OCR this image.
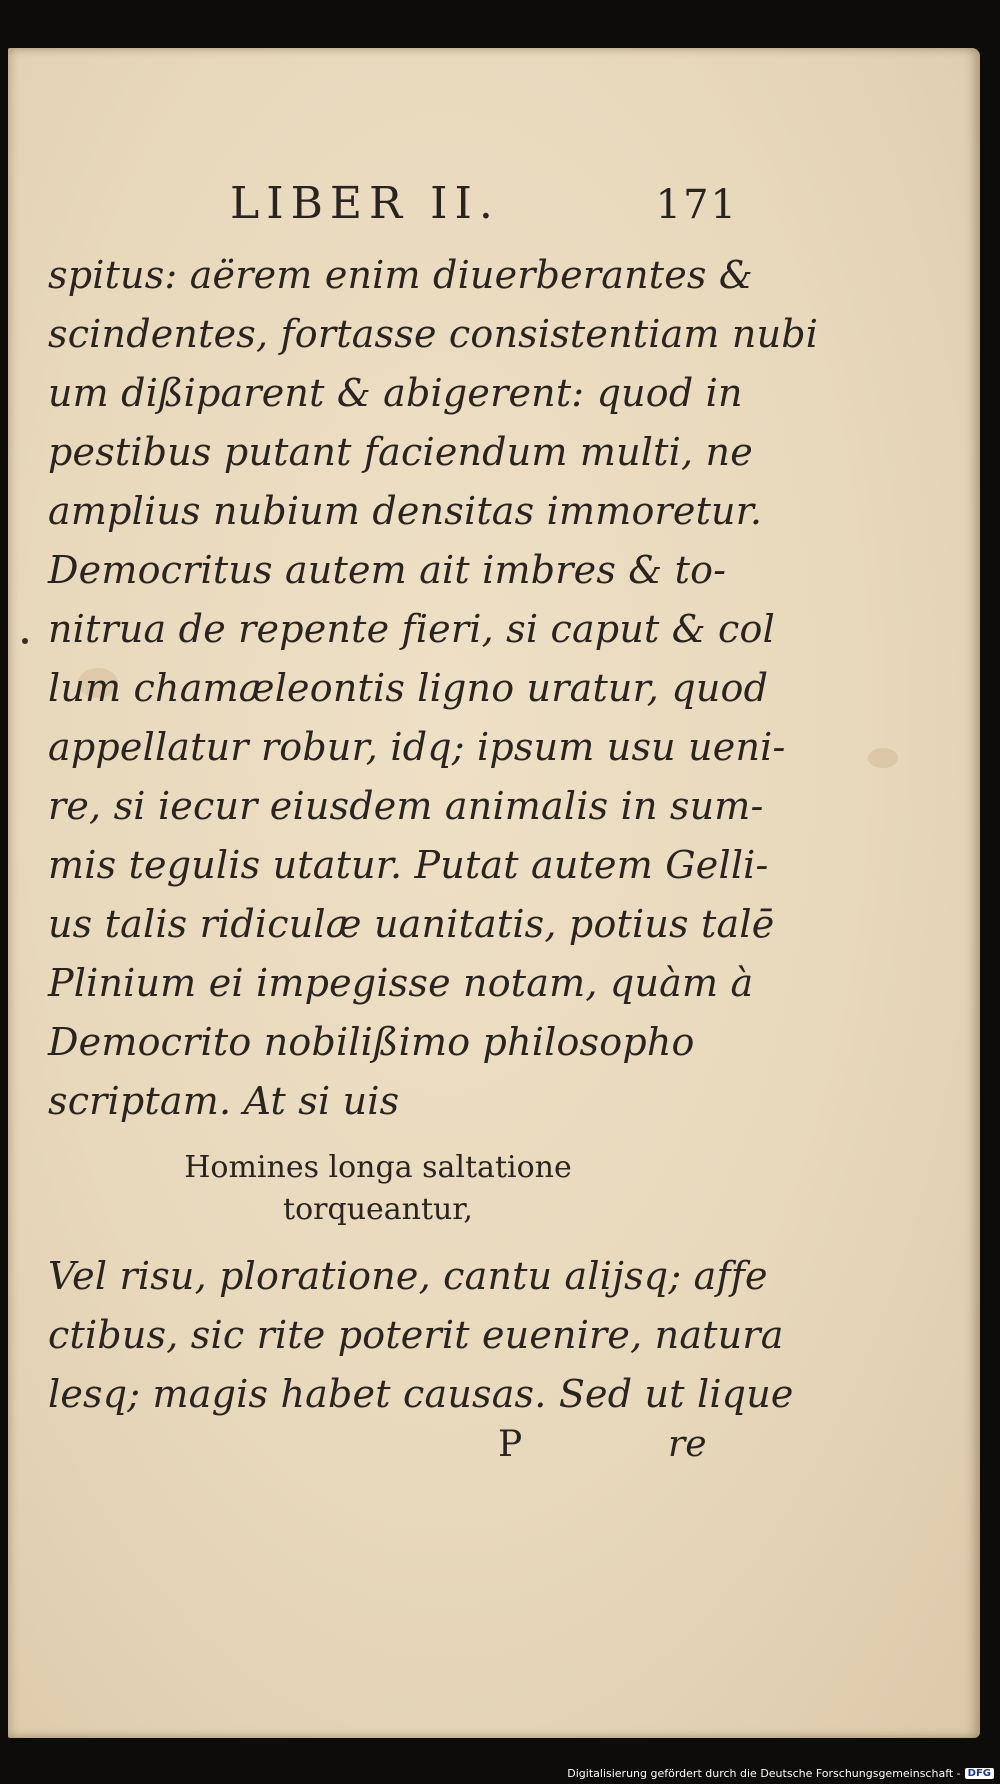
LIBER II.	171
spitus: aërem enim diuerberantes &
scindentes, fortasse consistentiam nubi
um dißiparent & abigerent: quod in
pestibus putant faciendum multi, ne
amplius nubium densitas immoretur.
Democritus autem ait imbres & to-
nitrua de repente fieri, si caput & col
lum chamæleontis ligno uratur, quod
appellatur robur, idq; ipsum usu ueni-
re, si iecur eiusdem animalis in sum-
mis tegulis utatur. Putat autem Gelli-
us talis ridiculæ uanitatis, potius talē
Plinium ei impegisse notam, quàm à
Democrito nobilißimo philosopho
scriptam. At si uis
Homines longa saltatione
torqueantur,
Vel risu, ploratione, cantu alijsq; affe
ctibus, sic rite poterit euenire, natura
lesq; magis habet causas. Sed ut lique
P	re
Digitalisierung gefördert durch die Deutsche Forschungsgemeinschaft - DFG
